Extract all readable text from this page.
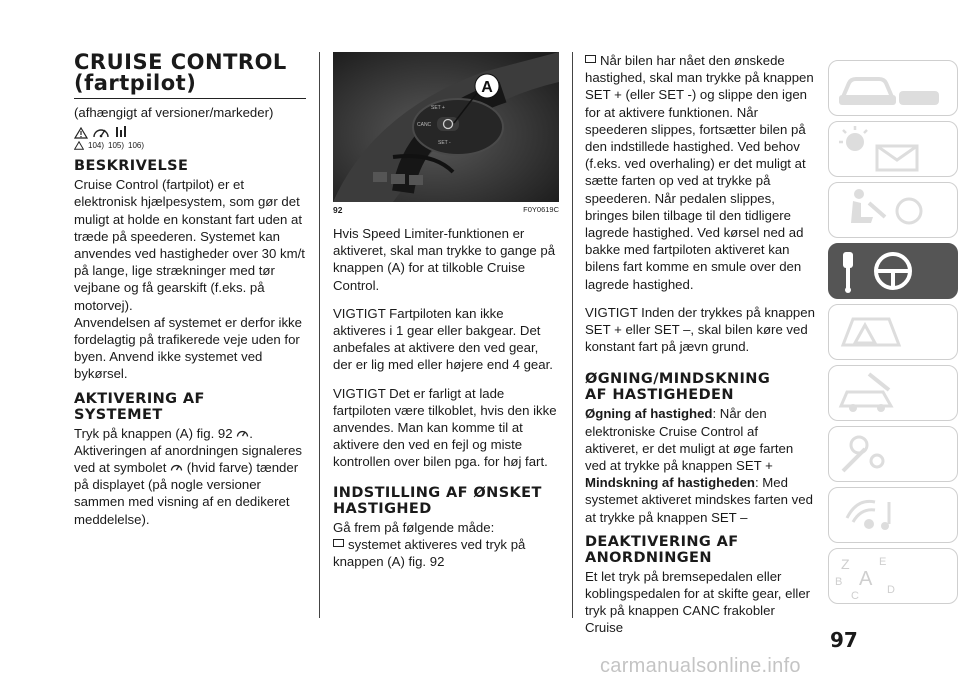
CRUISE CONTROL
(fartpilot)

(afhængigt af versioner/markeder)

104) 105) 106)
BESKRIVELSE

Cruise Control (fartpilot) er et elektronisk hjælpesystem, som gør det muligt at holde en konstant fart uden at træde på speederen. Systemet kan anvendes ved hastigheder over 30 km/t på lange, lige strækninger med tør vejbane og få gearskift (f.eks. på motorvej).

Anvendelsen af systemet er derfor ikke fordelagtig på trafikerede veje uden for byen. Anvend ikke systemet ved bykørsel.

AKTIVERING AF
SYSTEMET

Tryk på knappen (A) fig. 92 .

Aktiveringen af anordningen signaleres ved at symbolet (hvid farve) tænder på displayet (på nogle versioner sammen med visning af en dedikeret meddelelse).

SET +
CANC
SET -
A
92	F0Y0619C

Hvis Speed Limiter-funktionen er aktiveret, skal man trykke to gange på knappen (A) for at tilkoble Cruise Control.

VIGTIGT Fartpiloten kan ikke aktiveres i 1 gear eller bakgear. Det anbefales at aktivere den ved gear, der er lig med eller højere end 4 gear.

VIGTIGT Det er farligt at lade fartpiloten være tilkoblet, hvis den ikke anvendes. Man kan komme til at aktivere den ved en fejl og miste kontrollen over bilen pga. for høj fart.

INDSTILLING AF ØNSKET
HASTIGHED

Gå frem på følgende måde:

systemet aktiveres ved tryk på knappen (A) fig. 92

Når bilen har nået den ønskede hastighed, skal man trykke på knappen SET + (eller SET -) og slippe den igen for at aktivere funktionen. Når speederen slippes, fortsætter bilen på den indstillede hastighed. Ved behov (f.eks. ved overhaling) er det muligt at sætte farten op ved at trykke på speederen. Når pedalen slippes, bringes bilen tilbage til den tidligere lagrede hastighed. Ved kørsel ned ad bakke med fartpiloten aktiveret kan bilens fart komme en smule over den lagrede hastighed.

VIGTIGT Inden der trykkes på knappen SET + eller SET –, skal bilen køre ved konstant fart på jævn grund.

ØGNING/MINDSKNING
AF HASTIGHEDEN

Øgning af hastighed: Når den elektroniske Cruise Control af aktiveret, er det muligt at øge farten ved at trykke på knappen SET +

Mindskning af hastigheden: Med systemet aktiveret mindskes farten ved at trykke på knappen SET –

DEAKTIVERING AF
ANORDNINGEN

Et let tryk på bremsepedalen eller koblingspedalen for at skifte gear, eller tryk på knappen CANC frakobler Cruise

Z	E
B A
C	D
97
carmanualsonline.info
